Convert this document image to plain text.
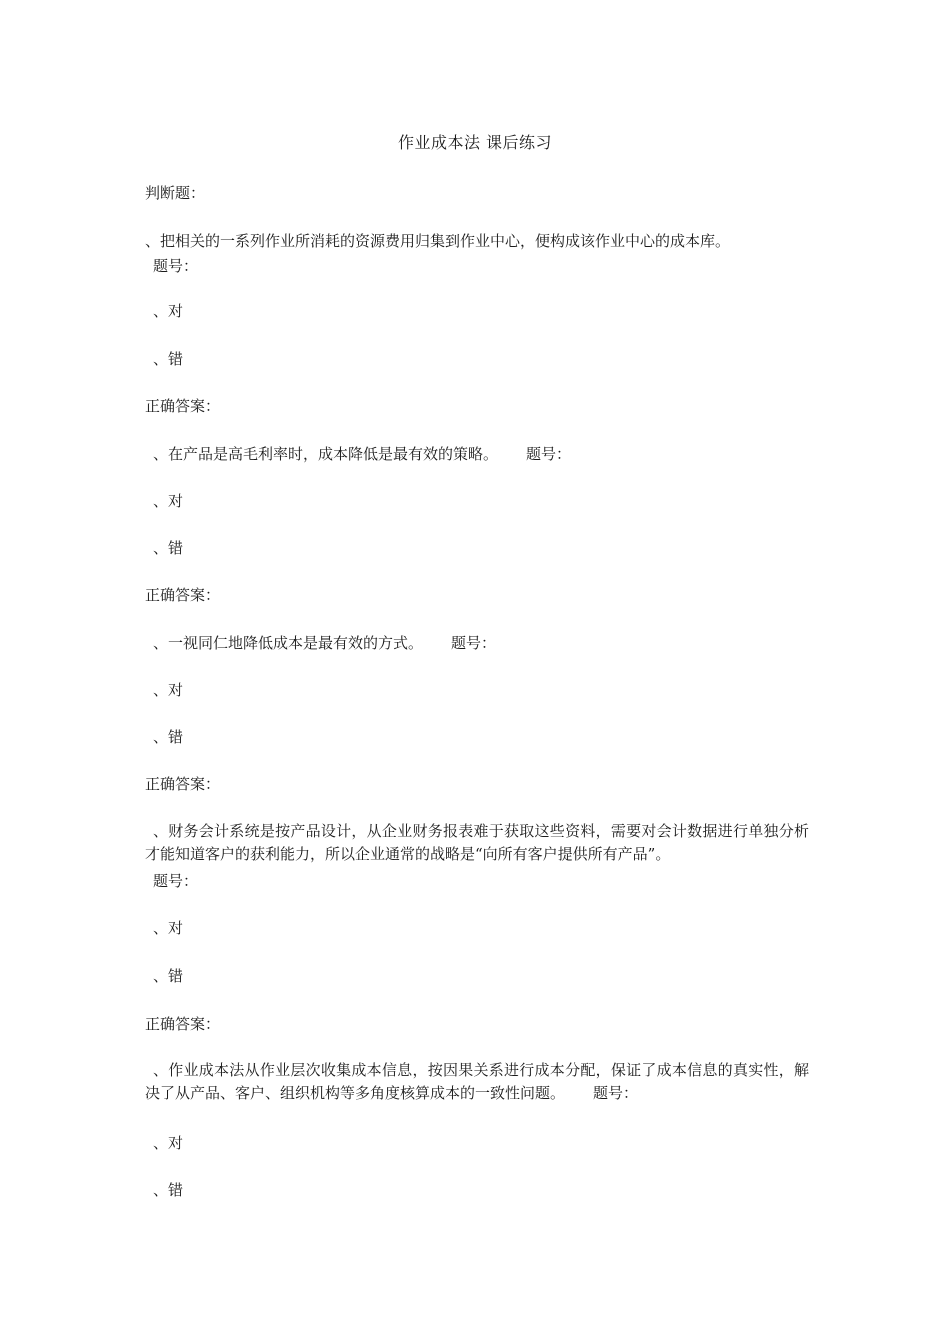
作业成本法 课后练习
判断题：
、把相关的一系列作业所消耗的资源费用归集到作业中心，便构成该作业中心的成本库。
题号：
、对
、错
正确答案：
、在产品是高毛利率时，成本降低是最有效的策略。 题号：
、对
、错
正确答案：
、一视同仁地降低成本是最有效的方式。 题号：
、对
、错
正确答案：
、财务会计系统是按产品设计，从企业财务报表难于获取这些资料，需要对会计数据进行单独分析才能知道客户的获利能力，所以企业通常的战略是“向所有客户提供所有产品”。
题号：
、对
、错
正确答案：
、作业成本法从作业层次收集成本信息，按因果关系进行成本分配，保证了成本信息的真实性，解决了从产品、客户、组织机构等多角度核算成本的一致性问题。 题号：
、对
、错
